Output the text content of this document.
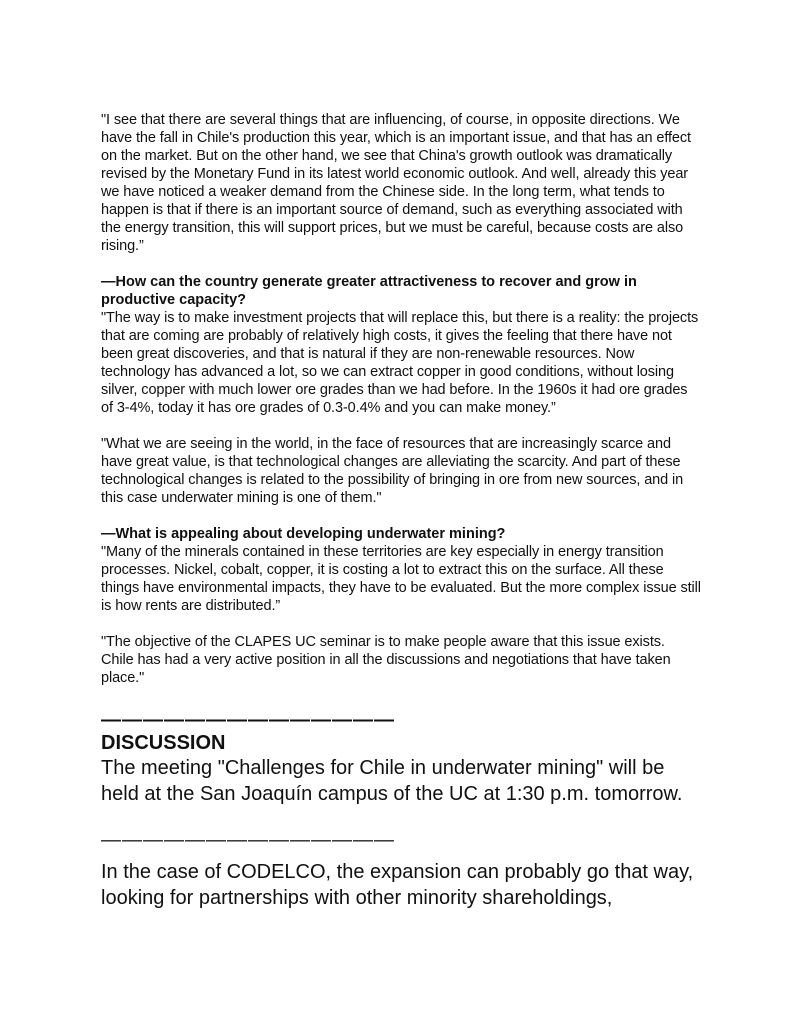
"I see that there are several things that are influencing, of course, in opposite directions. We have the fall in Chile's production this year, which is an important issue, and that has an effect on the market. But on the other hand, we see that China's growth outlook was dramatically revised by the Monetary Fund in its latest world economic outlook. And well, already this year we have noticed a weaker demand from the Chinese side. In the long term, what tends to happen is that if there is an important source of demand, such as everything associated with the energy transition, this will support prices, but we must be careful, because costs are also rising.”

—How can the country generate greater attractiveness to recover and grow in productive capacity?

"The way is to make investment projects that will replace this, but there is a reality: the projects that are coming are probably of relatively high costs, it gives the feeling that there have not been great discoveries, and that is natural if they are non-renewable resources. Now technology has advanced a lot, so we can extract copper in good conditions, without losing silver, copper with much lower ore grades than we had before. In the 1960s it had ore grades of 3-4%, today it has ore grades of 0.3-0.4% and you can make money.”

"What we are seeing in the world, in the face of resources that are increasingly scarce and have great value, is that technological changes are alleviating the scarcity. And part of these technological changes is related to the possibility of bringing in ore from new sources, and in this case underwater mining is one of them."

—What is appealing about developing underwater mining?

"Many of the minerals contained in these territories are key especially in energy transition processes. Nickel, cobalt, copper, it is costing a lot to extract this on the surface. All these things have environmental impacts, they have to be evaluated. But the more complex issue still is how rents are distributed.”

"The objective of the CLAPES UC seminar is to make people aware that this issue exists. Chile has had a very active position in all the discussions and negotiations that have taken place."

——————————————

DISCUSSION

The meeting "Challenges for Chile in underwater mining" will be held at the San Joaquín campus of the UC at 1:30 p.m. tomorrow.

——————————————

In the case of CODELCO, the expansion can probably go that way, looking for partnerships with other minority shareholdings,
